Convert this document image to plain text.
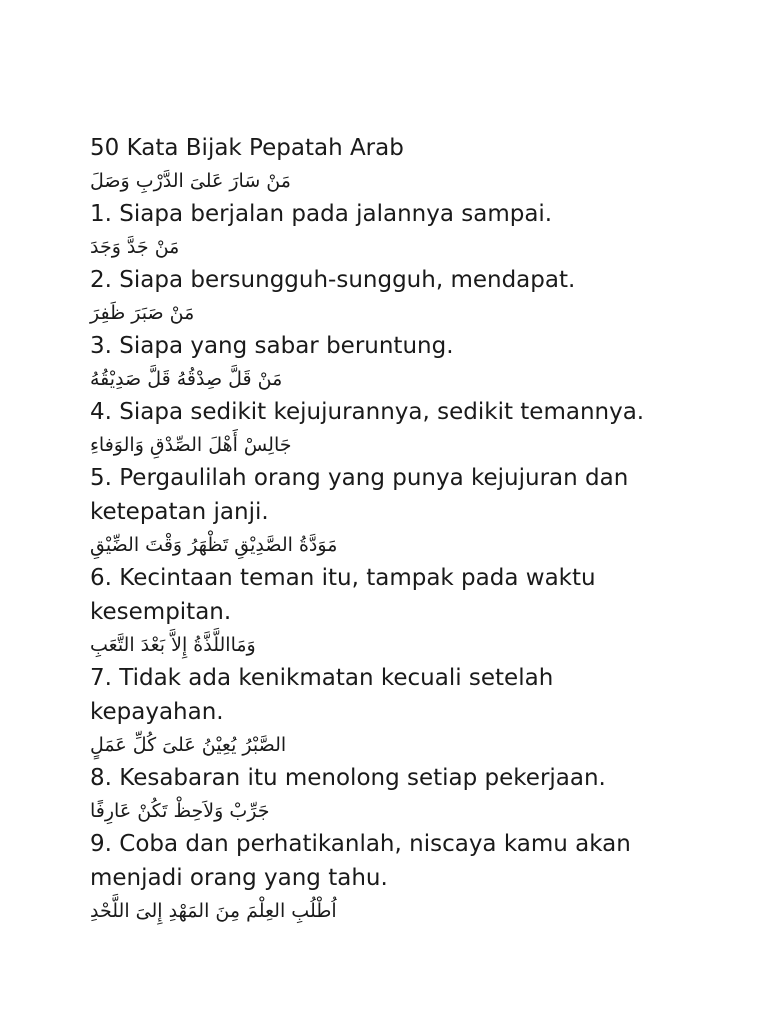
50 Kata Bijak Pepatah Arab

مَنْ سَارَ عَلىَ الدَّرْبِ وَصَلَ

1. Siapa berjalan pada jalannya sampai.

مَنْ جَدَّ وَجَدَ

2. Siapa bersungguh-sungguh, mendapat.

مَنْ صَبَرَ ظَفِرَ

3. Siapa yang sabar beruntung.

مَنْ قَلَّ صِدْقُهُ قَلَّ صَدِيْقُهُ

4. Siapa sedikit kejujurannya, sedikit temannya.

جَالِسْ أَهْلَ الصِّدْقِ وَالوَفاءِ

5. Pergaulilah orang yang punya kejujuran dan ketepatan janji.

مَوَدَّةُ الصَّدِيْقِ تَظْهَرُ وَقْتَ الضِّيْقِ

6. Kecintaan teman itu, tampak pada waktu kesempitan.

وَمَااللَّذَّةُ إِلاَّ بَعْدَ التَّعَبِ

7. Tidak ada kenikmatan kecuali setelah kepayahan.

الصَّبْرُ يُعِيْنُ عَلىَ كُلِّ عَمَلٍ

8. Kesabaran itu menolong setiap pekerjaan.

جَرِّبْ وَلاَحِظْ تَكُنْ عَارِفًا

9. Coba dan perhatikanlah, niscaya kamu akan menjadi orang yang tahu.

اُطْلُبِ العِلْمَ مِنَ المَهْدِ إِلىَ اللَّحْدِ
